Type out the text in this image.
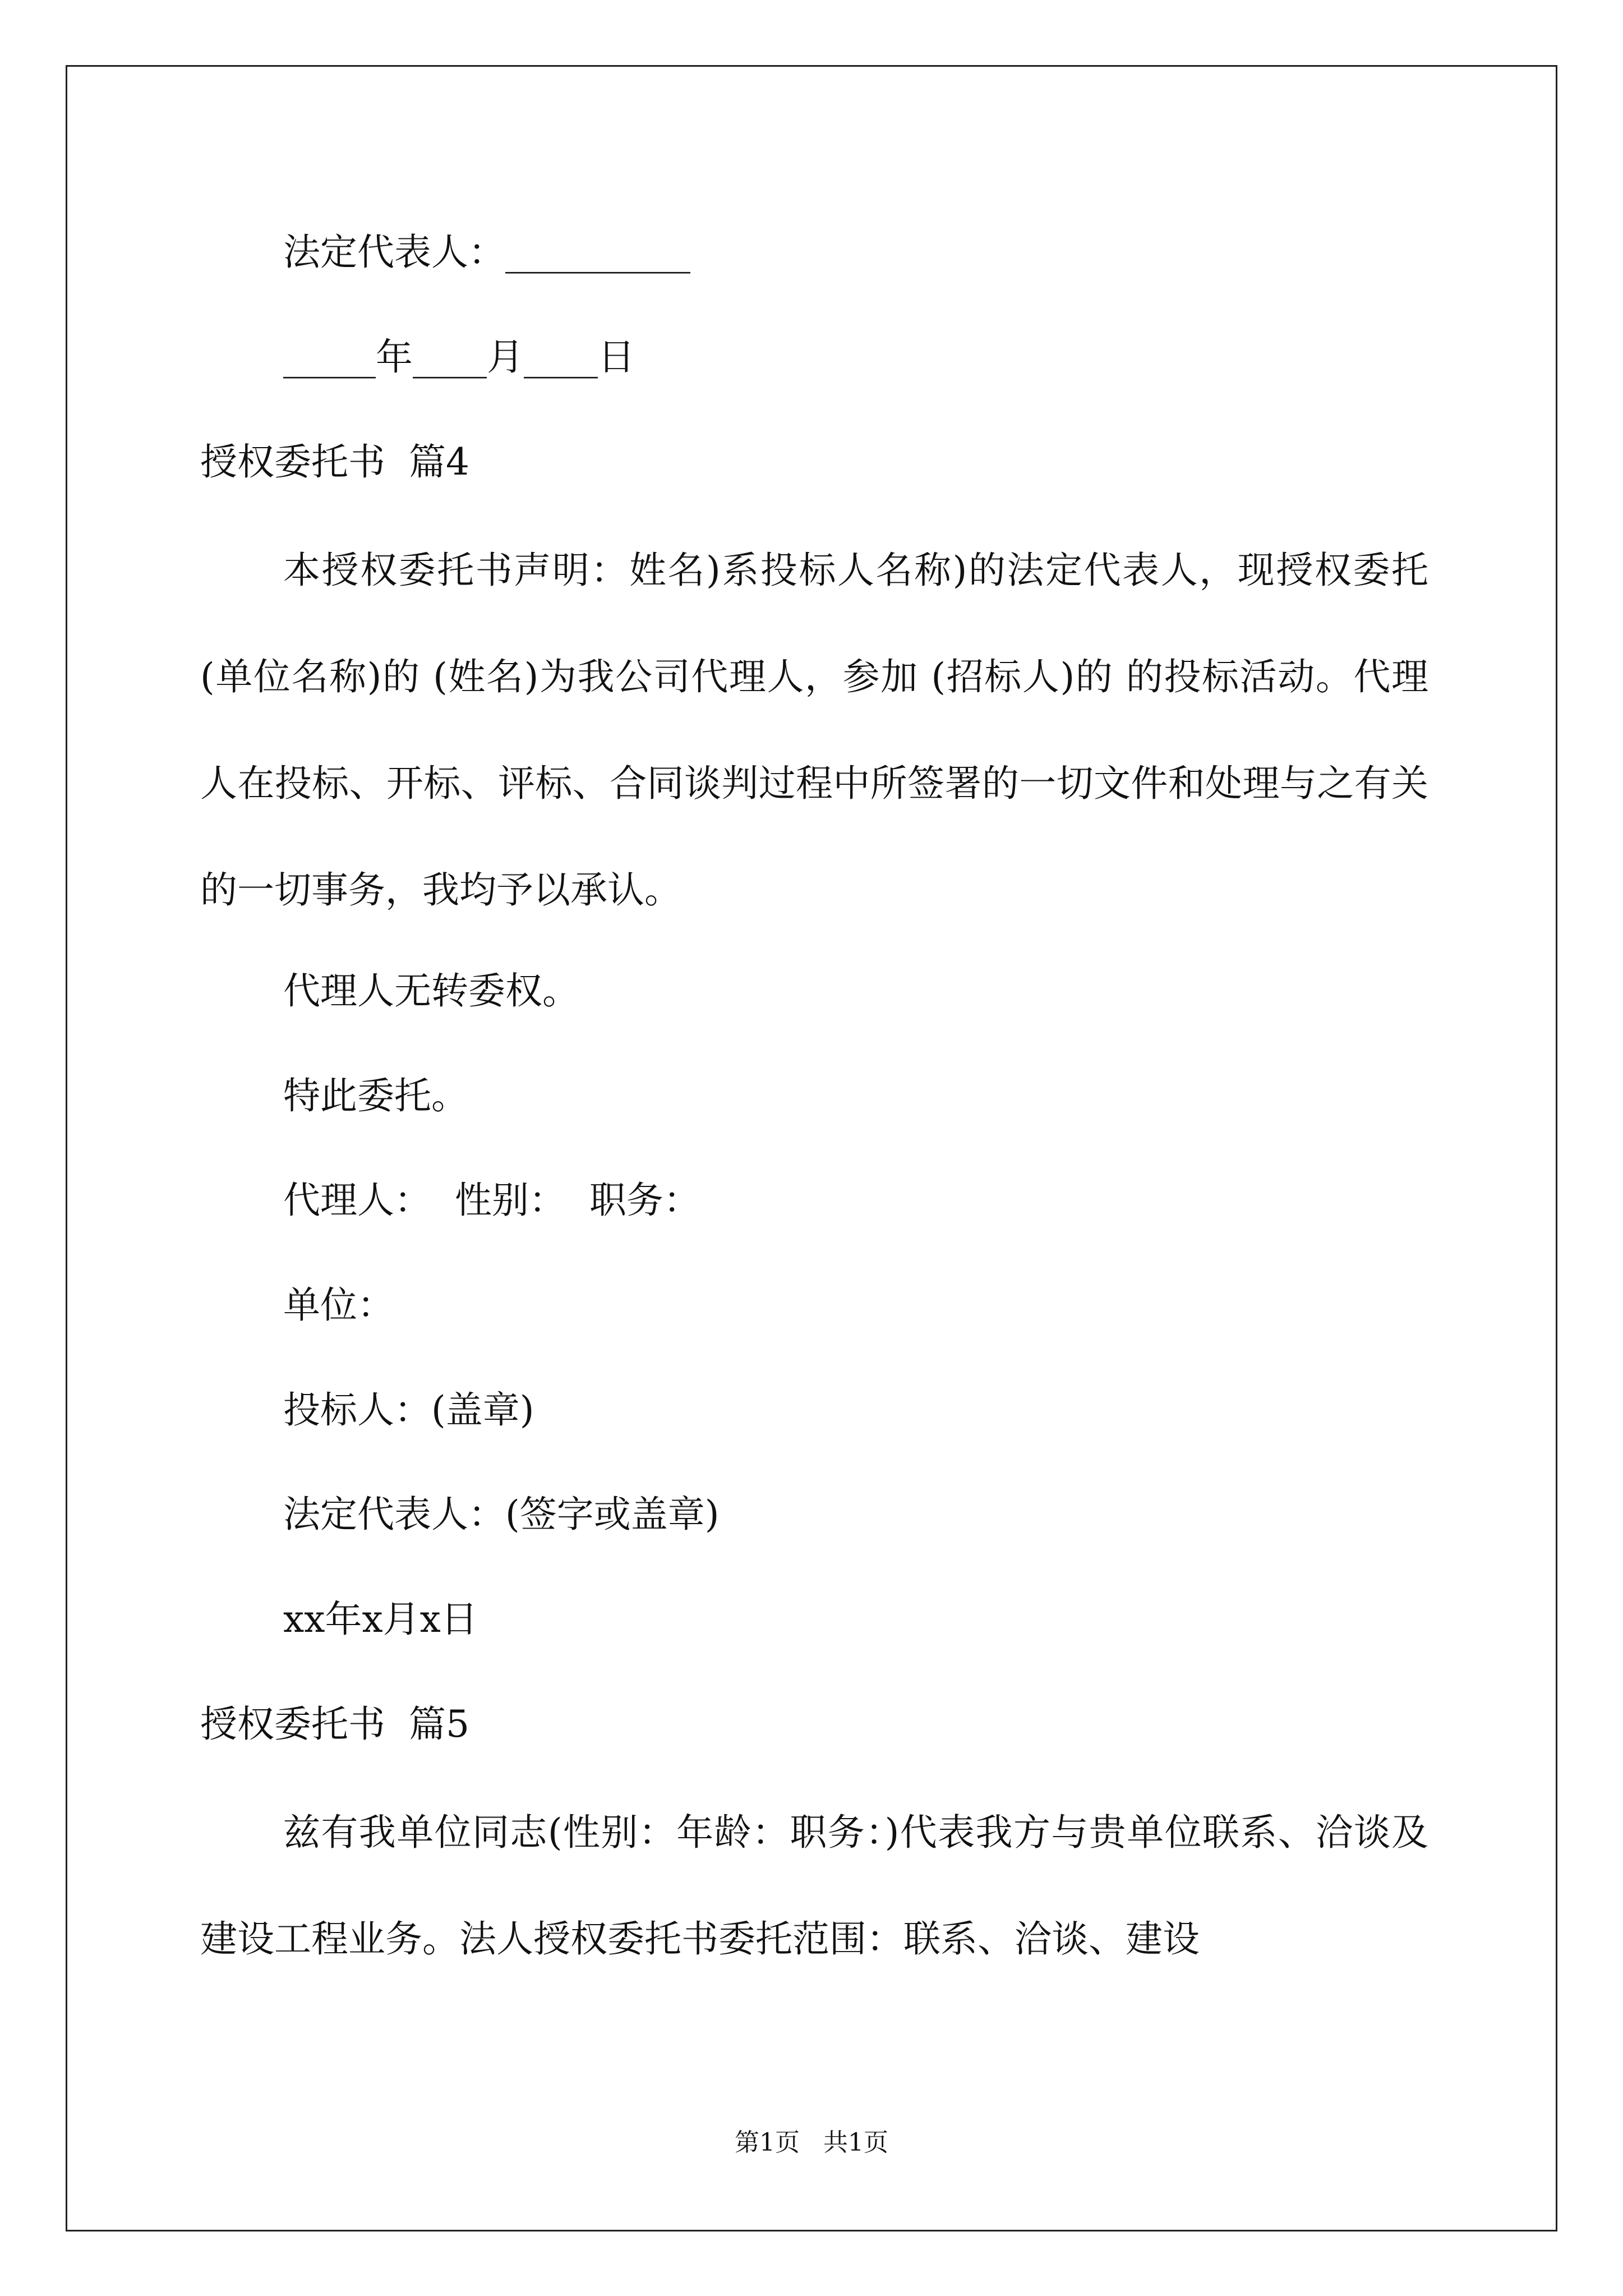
法定代表人：__________
_____年____月____日
授权委托书  篇4
本授权委托书声明：姓名)系投标人名称)的法定代表人，现授权委托 (单位名称)的 (姓名)为我公司代理人，参加 (招标人)的 的投标活动。代理人在投标、开标、评标、合同谈判过程中所签署的一切文件和处理与之有关的一切事务，我均予以承认。
代理人无转委权。
特此委托。
代理人：  性别：  职务：
单位：
投标人：(盖章)
法定代表人：(签字或盖章)
xx年x月x日
授权委托书  篇5
兹有我单位同志(性别：年龄：职务：)代表我方与贵单位联系、洽谈及建设工程业务。法人授权委托书委托范围：联系、洽谈、建设
第1页   共1页
